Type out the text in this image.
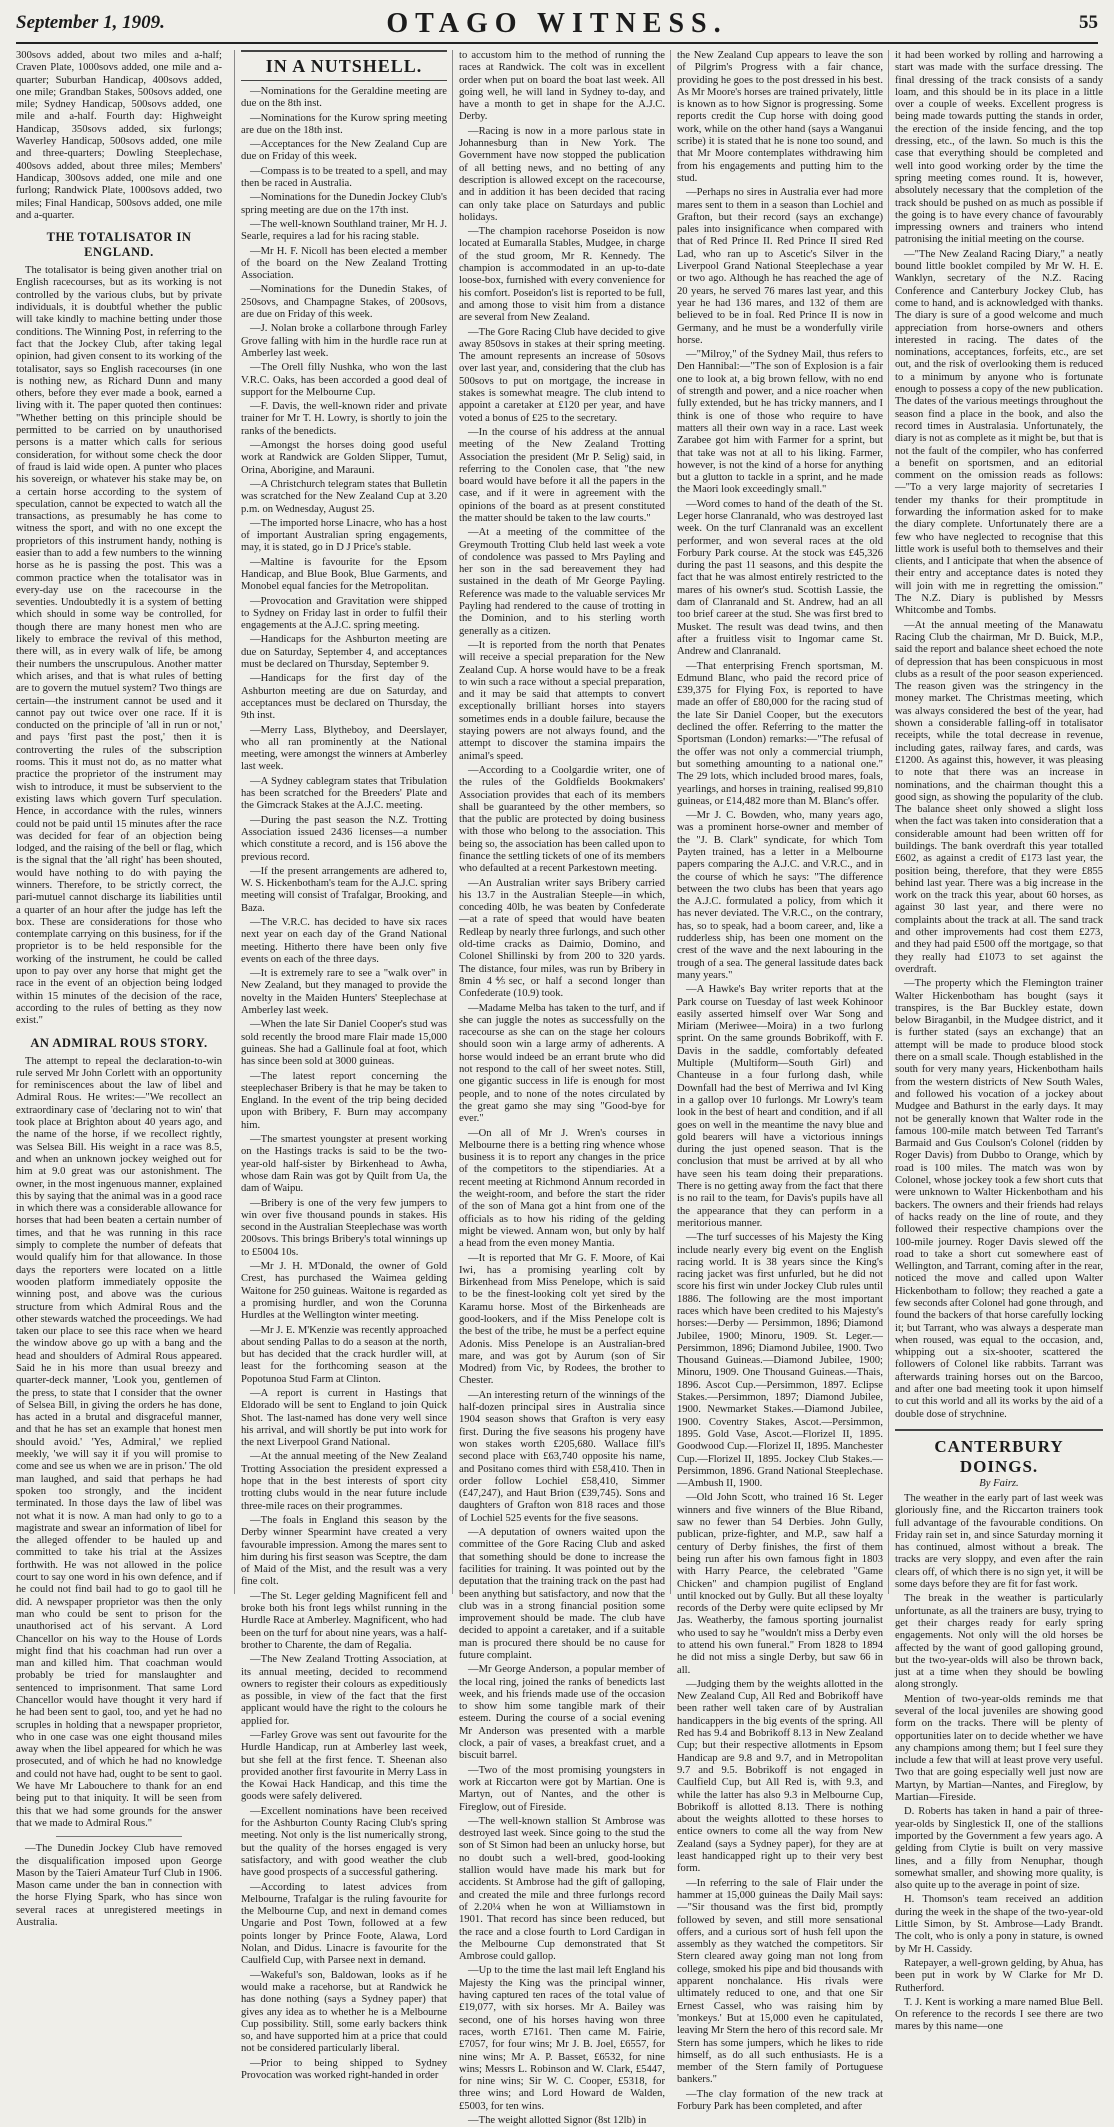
September 1, 1909.	OTAGO WITNESS.	55

300sovs added, about two miles and a-half; Craven Plate, 1000sovs added, one mile and a-quarter; Suburban Handicap, 400sovs added, one mile; Grandban Stakes, 500sovs added, one mile; Sydney Handicap, 500sovs added, one mile and a-half. Fourth day: Highweight Handicap, 350sovs added, six furlongs; Waverley Handicap, 500sovs added, one mile and three-quarters; Dowling Steeplechase, 400sovs added, about three miles; Members' Handicap, 300sovs added, one mile and one furlong; Randwick Plate, 1000sovs added, two miles; Final Handicap, 500sovs added, one mile and a-quarter.

THE TOTALISATOR IN ENGLAND.

The totalisator is being given another trial on English racecourses, but as its working is not controlled by the various clubs, but by private individuals, it is doubtful whether the public will take kindly to machine betting under those conditions. The Winning Post, in referring to the fact that the Jockey Club, after taking legal opinion, had given consent to its working of the totalisator, says so English racecourses (in one is nothing new, as Richard Dunn and many others, before they ever made a book, earned a living with it. The paper quoted then continues: "Whether betting on this principle should be permitted to be carried on by unauthorised persons is a matter which calls for serious consideration, for without some check the door of fraud is laid wide open. A punter who places his sovereign, or whatever his stake may be, on a certain horse according to the system of speculation, cannot be expected to watch all the transactions, as presumably he has come to witness the sport, and with no one except the proprietors of this instrument handy, nothing is easier than to add a few numbers to the winning horse as he is passing the post. This was a common practice when the totalisator was in every-day use on the racecourse in the seventies. Undoubtedly it is a system of betting which should in some way be controlled, for though there are many honest men who are likely to embrace the revival of this method, there will, as in every walk of life, be among their numbers the unscrupulous. Another matter which arises, and that is what rules of betting are to govern the mutuel system? Two things are certain—the instrument cannot be used and it cannot pay out twice over one race. If it is conducted on the principle of 'all in run or not,' and pays 'first past the post,' then it is controverting the rules of the subscription rooms. This it must not do, as no matter what practice the proprietor of the instrument may wish to introduce, it must be subservient to the existing laws which govern Turf speculation. Hence, in accordance with the rules, winners could not be paid until 15 minutes after the race was decided for fear of an objection being lodged, and the raising of the bell or flag, which is the signal that the 'all right' has been shouted, would have nothing to do with paying the winners. Therefore, to be strictly correct, the pari-mutuel cannot discharge its liabilities until a quarter of an hour after the judge has left the box. These are considerations for those who contemplate carrying on this business, for if the proprietor is to be held responsible for the working of the instrument, he could be called upon to pay over any horse that might get the race in the event of an objection being lodged within 15 minutes of the decision of the race, according to the rules of betting as they now exist."

AN ADMIRAL ROUS STORY.

The attempt to repeal the declaration-to-win rule served Mr John Corlett with an opportunity for reminiscences about the law of libel and Admiral Rous. He writes:—"We recollect an extraordinary case of 'declaring not to win' that took place at Brighton about 40 years ago, and the name of the horse, if we recollect rightly, was Selsea Bill. His weight in a race was 8.5, and when an unknown jockey weighed out for him at 9.0 great was our astonishment. The owner, in the most ingenuous manner, explained this by saying that the animal was in a good race in which there was a considerable allowance for horses that had been beaten a certain number of times, and that he was running in this race simply to complete the number of defeats that would qualify him for that allowance. In those days the reporters were located on a little wooden platform immediately opposite the winning post, and above was the curious structure from which Admiral Rous and the other stewards watched the proceedings. We had taken our place to see this race when we heard the window above go up with a bang and the head and shoulders of Admiral Rous appeared. Said he in his more than usual breezy and quarter-deck manner, 'Look you, gentlemen of the press, to state that I consider that the owner of Selsea Bill, in giving the orders he has done, has acted in a brutal and disgraceful manner, and that he has set an example that honest men should avoid.' 'Yes, Admiral,' we replied meekly, 'we will say it if you will promise to come and see us when we are in prison.' The old man laughed, and said that perhaps he had spoken too strongly, and the incident terminated. In those days the law of libel was not what it is now. A man had only to go to a magistrate and swear an information of libel for the alleged offender to be hauled up and committed to take his trial at the Assizes forthwith. He was not allowed in the police court to say one word in his own defence, and if he could not find bail had to go to gaol till he did. A newspaper proprietor was then the only man who could be sent to prison for the unauthorised act of his servant. A Lord Chancellor on his way to the House of Lords might find that his coachman had run over a man and killed him. That coachman would probably be tried for manslaughter and sentenced to imprisonment. That same Lord Chancellor would have thought it very hard if he had been sent to gaol, too, and yet he had no scruples in holding that a newspaper proprietor, who in one case was one eight thousand miles away when the libel appeared for which he was prosecuted, and of which he had no knowledge and could not have had, ought to be sent to gaol. We have Mr Labouchere to thank for an end being put to that iniquity. It will be seen from this that we had some grounds for the answer that we made to Admiral Rous."

—The Dunedin Jockey Club have removed the disqualification imposed upon George Mason by the Taieri Amateur Turf Club in 1906. Mason came under the ban in connection with the horse Flying Spark, who has since won several races at unregistered meetings in Australia.

IN A NUTSHELL.

—Nominations for the Geraldine meeting are due on the 8th inst.

—Nominations for the Kurow spring meeting are due on the 18th inst.

—Acceptances for the New Zealand Cup are due on Friday of this week.

—Compass is to be treated to a spell, and may then be raced in Australia.

—Nominations for the Dunedin Jockey Club's spring meeting are due on the 17th inst.

—The well-known Southland trainer, Mr H. J. Searle, requires a lad for his racing stable.

—Mr H. F. Nicoll has been elected a member of the board on the New Zealand Trotting Association.

—Nominations for the Dunedin Stakes, of 250sovs, and Champagne Stakes, of 200sovs, are due on Friday of this week.

—J. Nolan broke a collarbone through Farley Grove falling with him in the hurdle race run at Amberley last week.

—The Orell filly Nushka, who won the last V.R.C. Oaks, has been accorded a good deal of support for the Melbourne Cup.

—F. Davis, the well-known rider and private trainer for Mr T. H. Lowry, is shortly to join the ranks of the benedicts.

—Amongst the horses doing good useful work at Randwick are Golden Slipper, Tumut, Orina, Aborigine, and Marauni.

—A Christchurch telegram states that Bulletin was scratched for the New Zealand Cup at 3.20 p.m. on Wednesday, August 25.

—The imported horse Linacre, who has a host of important Australian spring engagements, may, it is stated, go in D J Price's stable.

—Maltine is favourite for the Epsom Handicap, and Blue Book, Blue Garments, and Monobel equal fancies for the Metropolitan.

—Provocation and Gravitation were shipped to Sydney on Friday last in order to fulfil their engagements at the A.J.C. spring meeting.

—Handicaps for the Ashburton meeting are due on Saturday, September 4, and acceptances must be declared on Thursday, September 9.

—Handicaps for the first day of the Ashburton meeting are due on Saturday, and acceptances must be declared on Thursday, the 9th inst.

—Merry Lass, Blytheboy, and Deerslayer, who all ran prominently at the National meeting, were amongst the winners at Amberley last week.

—A Sydney cablegram states that Tribulation has been scratched for the Breeders' Plate and the Gimcrack Stakes at the A.J.C. meeting.

—During the past season the N.Z. Trotting Association issued 2436 licenses—a number which constitute a record, and is 156 above the previous record.

—If the present arrangements are adhered to, W. S. Hickenbotham's team for the A.J.C. spring meeting will consist of Trafalgar, Brooking, and Baza.

—The V.R.C. has decided to have six races next year on each day of the Grand National meeting. Hitherto there have been only five events on each of the three days.

—It is extremely rare to see a "walk over" in New Zealand, but they managed to provide the novelty in the Maiden Hunters' Steeplechase at Amberley last week.

—When the late Sir Daniel Cooper's stud was sold recently the brood mare Flair made 15,000 guineas. She had a Gallinule foal at foot, which has since been sold at 3000 guineas.

—The latest report concerning the steeplechaser Bribery is that he may be taken to England. In the event of the trip being decided upon with Bribery, F. Burn may accompany him.

—The smartest youngster at present working on the Hastings tracks is said to be the two-year-old half-sister by Birkenhead to Awha, whose dam Rain was got by Quilt from Ua, the dam of Waipu.

—Bribery is one of the very few jumpers to win over five thousand pounds in stakes. His second in the Australian Steeplechase was worth 200sovs. This brings Bribery's total winnings up to £5004 10s.

—Mr J. H. M'Donald, the owner of Gold Crest, has purchased the Waimea gelding Waitone for 250 guineas. Waitone is regarded as a promising hurdler, and won the Corunna Hurdles at the Wellington winter meeting.

—Mr J. E. M'Kenzie was recently approached about sending Pallas to do a season at the north, but has decided that the crack hurdler will, at least for the forthcoming season at the Popotunoa Stud Farm at Clinton.

—A report is current in Hastings that Eldorado will be sent to England to join Quick Shot. The last-named has done very well since his arrival, and will shortly be put into work for the next Liverpool Grand National.

—At the annual meeting of the New Zealand Trotting Association the president expressed a hope that in the best interests of sport city trotting clubs would in the near future include three-mile races on their programmes.

—The foals in England this season by the Derby winner Spearmint have created a very favourable impression. Among the mares sent to him during his first season was Sceptre, the dam of Maid of the Mist, and the result was a very fine colt.

—The St. Leger gelding Magnificent fell and broke both his front legs whilst running in the Hurdle Race at Amberley. Magnificent, who had been on the turf for about nine years, was a half-brother to Charente, the dam of Regalia.

—The New Zealand Trotting Association, at its annual meeting, decided to recommend owners to register their colours as expeditiously as possible, in view of the fact that the first applicant would have the right to the colours he applied for.

—Farley Grove was sent out favourite for the Hurdle Handicap, run at Amberley last week, but she fell at the first fence. T. Sheenan also provided another first favourite in Merry Lass in the Kowai Hack Handicap, and this time the goods were safely delivered.

—Excellent nominations have been received for the Ashburton County Racing Club's spring meeting. Not only is the list numerically strong, but the quality of the horses engaged is very satisfactory, and with good weather the club have good prospects of a successful gathering.

—According to latest advices from Melbourne, Trafalgar is the ruling favourite for the Melbourne Cup, and next in demand comes Ungarie and Post Town, followed at a few points longer by Prince Foote, Alawa, Lord Nolan, and Didus. Linacre is favourite for the Caulfield Cup, with Parsee next in demand.

—Wakeful's son, Baldowan, looks as if he would make a racehorse, but at Randwick he has done nothing (says a Sydney paper) that gives any idea as to whether he is a Melbourne Cup possibility. Still, some early backers think so, and have supported him at a price that could not be considered particularly liberal.

—Prior to being shipped to Sydney Provocation was worked right-handed in order

to accustom him to the method of running the races at Randwick. The colt was in excellent order when put on board the boat last week. All going well, he will land in Sydney to-day, and have a month to get in shape for the A.J.C. Derby.

—Racing is now in a more parlous state in Johannesburg than in New York. The Government have now stopped the publication of all betting news, and no betting of any description is allowed except on the racecourse, and in addition it has been decided that racing can only take place on Saturdays and public holidays.

—The champion racehorse Poseidon is now located at Eumaralla Stables, Mudgee, in charge of the stud groom, Mr R. Kennedy. The champion is accommodated in an up-to-date loose-box, furnished with every convenience for his comfort. Poseidon's list is reported to be full, and among those to visit him from a distance are several from New Zealand.

—The Gore Racing Club have decided to give away 850sovs in stakes at their spring meeting. The amount represents an increase of 50sovs over last year, and, considering that the club has 500sovs to put on mortgage, the increase in stakes is somewhat meagre. The club intend to appoint a caretaker at £120 per year, and have voted a bonus of £25 to the secretary.

—In the course of his address at the annual meeting of the New Zealand Trotting Association the president (Mr P. Selig) said, in referring to the Conolen case, that "the new board would have before it all the papers in the case, and if it were in agreement with the opinions of the board as at present constituted the matter should be taken to the law courts."

—At a meeting of the committee of the Greymouth Trotting Club held last week a vote of condolence was passed to Mrs Payling and her son in the sad bereavement they had sustained in the death of Mr George Payling. Reference was made to the valuable services Mr Payling had rendered to the cause of trotting in the Dominion, and to his sterling worth generally as a citizen.

—It is reported from the north that Penates will receive a special preparation for the New Zealand Cup. A horse would have to be a freak to win such a race without a special preparation, and it may be said that attempts to convert exceptionally brilliant horses into stayers sometimes ends in a double failure, because the staying powers are not always found, and the attempt to discover the stamina impairs the animal's speed.

—According to a Coolgardie writer, one of the rules of the Goldfields Bookmakers' Association provides that each of its members shall be guaranteed by the other members, so that the public are protected by doing business with those who belong to the association. This being so, the association has been called upon to finance the settling tickets of one of its members who defaulted at a recent Parkestown meeting.

—An Australian writer says Bribery carried his 13.7 in the Australian Steeple—in which, conceding 40lb, he was beaten by Confederate—at a rate of speed that would have beaten Redleap by nearly three furlongs, and such other old-time cracks as Daimio, Domino, and Colonel Shillinski by from 200 to 320 yards. The distance, four miles, was run by Bribery in 8min 4⅘sec, or half a second longer than Confederate (10.9) took.

—Madame Melba has taken to the turf, and if she can juggle the notes as successfully on the racecourse as she can on the stage her colours should soon win a large army of adherents. A horse would indeed be an errant brute who did not respond to the call of her sweet notes. Still, one gigantic success in life is enough for most people, and to none of the notes circulated by the great gamo she may sing "Good-bye for ever."

—On all of Mr J. Wren's courses in Melbourne there is a betting ring whence whose business it is to report any changes in the price of the competitors to the stipendiaries. At a recent meeting at Richmond Annum recorded in the weight-room, and before the start the rider of the son of Mana got a hint from one of the officials as to how his riding of the gelding might be viewed. Annam won, but only by half a head from the even money Mantia.

—It is reported that Mr G. F. Moore, of Kai Iwi, has a promising yearling colt by Birkenhead from Miss Penelope, which is said to be the finest-looking colt yet sired by the Karamu horse. Most of the Birkenheads are good-lookers, and if the Miss Penelope colt is the best of the tribe, he must be a perfect equine Adonis. Miss Penelope is an Australian-bred mare, and was got by Aurum (son of Sir Modred) from Vic, by Rodees, the brother to Chester.

—An interesting return of the winnings of the half-dozen principal sires in Australia since 1904 season shows that Grafton is very easy first. During the five seasons his progeny have won stakes worth £205,680. Wallace fill's second place with £63,740 opposite his name, and Positano comes third with £58,410. Then in order follow Lochiel £58,410, Simmer (£47,247), and Haut Brion (£39,745). Sons and daughters of Grafton won 818 races and those of Lochiel 525 events for the five seasons.

—A deputation of owners waited upon the committee of the Gore Racing Club and asked that something should be done to increase the facilities for training. It was pointed out by the deputation that the training track on the past had been anything but satisfactory, and now that the club was in a strong financial position some improvement should be made. The club have decided to appoint a caretaker, and if a suitable man is procured there should be no cause for future complaint.

—Mr George Anderson, a popular member of the local ring, joined the ranks of benedicts last week, and his friends made use of the occasion to show him some tangible mark of their esteem. During the course of a social evening Mr Anderson was presented with a marble clock, a pair of vases, a breakfast cruet, and a biscuit barrel.

—Two of the most promising youngsters in work at Riccarton were got by Martian. One is Martyn, out of Nantes, and the other is Fireglow, out of Fireside.

—The well-known stallion St Ambrose was destroyed last week. Since going to the stud the son of St Simon had been an unlucky horse, but no doubt such a well-bred, good-looking stallion would have made his mark but for accidents. St Ambrose had the gift of galloping, and created the mile and three furlongs record of 2.20¼ when he won at Williamstown in 1901. That record has since been reduced, but the race and a close fourth to Lord Cardigan in the Melbourne Cup demonstrated that St Ambrose could gallop.

—Up to the time the last mail left England his Majesty the King was the principal winner, having captured ten races of the total value of £19,077, with six horses. Mr A. Bailey was second, one of his horses having won three races, worth £7161. Then came M. Fairie, £7057, for four wins; Mr J. B. Joel, £6557, for nine wins; Mr A. P. Basset, £6532, for nine wins; Messrs L. Robinson and W. Clark, £5447, for nine wins; Sir W. C. Cooper, £5318, for three wins; and Lord Howard de Walden, £5003, for ten wins.

—The weight allotted Signor (8st 12lb) in

the New Zealand Cup appears to leave the son of Pilgrim's Progress with a fair chance, providing he goes to the post dressed in his best. As Mr Moore's horses are trained privately, little is known as to how Signor is progressing. Some reports credit the Cup horse with doing good work, while on the other hand (says a Wanganui scribe) it is stated that he is none too sound, and that Mr Moore contemplates withdrawing him from his engagements and putting him to the stud.

—Perhaps no sires in Australia ever had more mares sent to them in a season than Lochiel and Grafton, but their record (says an exchange) pales into insignificance when compared with that of Red Prince II. Red Prince II sired Red Lad, who ran up to Ascetic's Silver in the Liverpool Grand National Steeplechase a year or two ago. Although he has reached the age of 20 years, he served 76 mares last year, and this year he had 136 mares, and 132 of them are believed to be in foal. Red Prince II is now in Germany, and he must be a wonderfully virile horse.

—"Milroy," of the Sydney Mail, thus refers to Den Hannibal:—"The son of Explosion is a fair one to look at, a big brown fellow, with no end of strength and power, and a nice roacher when fully extended, but he has tricky manners, and I think is one of those who require to have matters all their own way in a race. Last week Zarabee got him with Farmer for a sprint, but that take was not at all to his liking. Farmer, however, is not the kind of a horse for anything but a glutton to tackle in a sprint, and he made the Maori look exceedingly small."

—Word comes to hand of the death of the St. Leger horse Clanranald, who was destroyed last week. On the turf Clanranald was an excellent performer, and won several races at the old Forbury Park course. At the stock was £45,326 during the past 11 seasons, and this despite the fact that he was almost entirely restricted to the mares of his owner's stud. Scottish Lassie, the dam of Clanranald and St. Andrew, had an all too brief career at the stud. She was first bred to Musket. The result was dead twins, and then after a fruitless visit to Ingomar came St. Andrew and Clanranald.

—That enterprising French sportsman, M. Edmund Blanc, who paid the record price of £39,375 for Flying Fox, is reported to have made an offer of £80,000 for the racing stud of the late Sir Daniel Cooper, but the executors declined the offer. Referring to the matter the Sportsman (London) remarks:—"The refusal of the offer was not only a commercial triumph, but something amounting to a national one." The 29 lots, which included brood mares, foals, yearlings, and horses in training, realised 99,810 guineas, or £14,482 more than M. Blanc's offer.

—Mr J. C. Bowden, who, many years ago, was a prominent horse-owner and member of the "J. B. Clark" syndicate, for which Tom Payten trained, has a letter in a Melbourne papers comparing the A.J.C. and V.R.C., and in the course of which he says: "The difference between the two clubs has been that years ago the A.J.C. formulated a policy, from which it has never deviated. The V.R.C., on the contrary, has, so to speak, had a boom career, and, like a rudderless ship, has been one moment on the crest of the wave and the next labouring in the trough of a sea. The general lassitude dates back many years."

—A Hawke's Bay writer reports that at the Park course on Tuesday of last week Kohinoor easily asserted himself over War Song and Miriam (Meriwee—Moira) in a two furlong sprint. On the same grounds Bobrikoff, with F. Davis in the saddle, comfortably defeated Multiple (Multiform—South Girl) and Chanteuse in a four furlong dash, while Downfall had the best of Merriwa and Ivl King in a gallop over 10 furlongs. Mr Lowry's team look in the best of heart and condition, and if all goes on well in the meantime the navy blue and gold bearers will have a victorious innings during the just opened season. That is the conclusion that must be arrived at by all who have seen his team doing their preparations. There is no getting away from the fact that there is no rail to the team, for Davis's pupils have all the appearance that they can perform in a meritorious manner.

—The turf successes of his Majesty the King include nearly every big event on the English racing world. It is 38 years since the King's racing jacket was first unfurled, but he did not score his first win under Jockey Club rules until 1886. The following are the most important races which have been credited to his Majesty's horses:—Derby — Persimmon, 1896; Diamond Jubilee, 1900; Minoru, 1909. St. Leger.—Persimmon, 1896; Diamond Jubilee, 1900. Two Thousand Guineas.—Diamond Jubilee, 1900; Minoru, 1909. One Thousand Guineas.—Thais, 1896. Ascot Cup.—Persimmon, 1897. Eclipse Stakes.—Persimmon, 1897; Diamond Jubilee, 1900. Newmarket Stakes.—Diamond Jubilee, 1900. Coventry Stakes, Ascot.—Persimmon, 1895. Gold Vase, Ascot.—Florizel II, 1895. Goodwood Cup.—Florizel II, 1895. Manchester Cup.—Florizel II, 1895. Jockey Club Stakes.—Persimmon, 1896. Grand National Steeplechase.—Ambush II, 1900.

—Old John Scott, who trained 16 St. Leger winners and five winners of the Blue Riband, saw no fewer than 54 Derbies. John Gully, publican, prize-fighter, and M.P., saw half a century of Derby finishes, the first of them being run after his own famous fight in 1803 with Harry Pearce, the celebrated "Game Chicken" and champion pugilist of England until knocked out by Gully. But all these loyalty records of the Derby were quite eclipsed by Mr Jas. Weatherby, the famous sporting journalist who used to say he "wouldn't miss a Derby even to attend his own funeral." From 1828 to 1894 he did not miss a single Derby, but saw 66 in all.

—Judging them by the weights allotted in the New Zealand Cup, All Red and Bobrikoff have been rather well taken care of by Australian handicappers in the big events of the spring. All Red has 9.4 and Bobrikoff 8.13 in New Zealand Cup; but their respective allotments in Epsom Handicap are 9.8 and 9.7, and in Metropolitan 9.7 and 9.5. Bobrikoff is not engaged in Caulfield Cup, but All Red is, with 9.3, and while the latter has also 9.3 in Melbourne Cup, Bobrikoff is allotted 8.13. There is nothing about the weights allotted to these horses to entice owners to come all the way from New Zealand (says a Sydney paper), for they are at least handicapped right up to their very best form.

—In referring to the sale of Flair under the hammer at 15,000 guineas the Daily Mail says:—"Sir thousand was the first bid, promptly followed by seven, and still more sensational offers, and a curious sort of hush fell upon the assembly as they watched the competitors. Sir Stern cleared away going man not long from college, smoked his pipe and bid thousands with apparent nonchalance. His rivals were ultimately reduced to one, and that one Sir Ernest Cassel, who was raising him by 'monkeys.' But at 15,000 even he capitulated, leaving Mr Stern the hero of this record sale. Mr Stern has some jumpers, which he likes to ride himself, as do all such enthusiasts. He is a member of the Stern family of Portuguese bankers."

—The clay formation of the new track at Forbury Park has been completed, and after

it had been worked by rolling and harrowing a start was made with the surface dressing. The final dressing of the track consists of a sandy loam, and this should be in its place in a little over a couple of weeks. Excellent progress is being made towards putting the stands in order, the erection of the inside fencing, and the top dressing, etc., of the lawn. So much is this the case that everything should be completed and well into good working order by the time the spring meeting comes round. It is, however, absolutely necessary that the completion of the track should be pushed on as much as possible if the going is to have every chance of favourably impressing owners and trainers who intend patronising the initial meeting on the course.

—"The New Zealand Racing Diary," a neatly bound little booklet compiled by Mr W. H. E. Wanklyn, secretary of the N.Z. Racing Conference and Canterbury Jockey Club, has come to hand, and is acknowledged with thanks. The diary is sure of a good welcome and much appreciation from horse-owners and others interested in racing. The dates of the nominations, acceptances, forfeits, etc., are set out, and the risk of overlooking them is reduced to a minimum by anyone who is fortunate enough to possess a copy of the new publication. The dates of the various meetings throughout the season find a place in the book, and also the record times in Australasia. Unfortunately, the diary is not as complete as it might be, but that is not the fault of the compiler, who has conferred a benefit on sportsmen, and an editorial comment on the omission reads as follows:—"To a very large majority of secretaries I tender my thanks for their promptitude in forwarding the information asked for to make the diary complete. Unfortunately there are a few who have neglected to recognise that this little work is useful both to themselves and their clients, and I anticipate that when the absence of their entry and acceptance dates is noted they will join with me in regretting the omission." The N.Z. Diary is published by Messrs Whitcombe and Tombs.

—At the annual meeting of the Manawatu Racing Club the chairman, Mr D. Buick, M.P., said the report and balance sheet echoed the note of depression that has been conspicuous in most clubs as a result of the poor season experienced. The reason given was the stringency in the money market. The Christmas meeting, which was always considered the best of the year, had shown a considerable falling-off in totalisator receipts, while the total decrease in revenue, including gates, railway fares, and cards, was £1200. As against this, however, it was pleasing to note that there was an increase in nominations, and the chairman thought this a good sign, as showing the popularity of the club. The balance sheet only showed a slight loss when the fact was taken into consideration that a considerable amount had been written off for buildings. The bank overdraft this year totalled £602, as against a credit of £173 last year, the position being, therefore, that they were £855 behind last year. There was a big increase in the work on the track this year, about 60 horses, as against 30 last year, and there were no complaints about the track at all. The sand track and other improvements had cost them £273, and they had paid £500 off the mortgage, so that they really had £1073 to set against the overdraft.

—The property which the Flemington trainer Walter Hickenbotham has bought (says it transpires, is the Bar Buckley estate, down below Biraganbil, in the Mudgee district, and it is further stated (says an exchange) that an attempt will be made to produce blood stock there on a small scale. Though established in the south for very many years, Hickenbotham hails from the western districts of New South Wales, and followed his vocation of a jockey about Mudgee and Bathurst in the early days. It may not be generally known that Walter rode in the famous 100-mile match between Ted Tarrant's Barmaid and Gus Coulson's Colonel (ridden by Roger Davis) from Dubbo to Orange, which by road is 100 miles. The match was won by Colonel, whose jockey took a few short cuts that were unknown to Walter Hickenbotham and his backers. The owners and their friends had relays of hacks ready on the line of route, and they followed their respective champions over the 100-mile journey. Roger Davis slewed off the road to take a short cut somewhere east of Wellington, and Tarrant, coming after in the rear, noticed the move and called upon Walter Hickenbotham to follow; they reached a gate a few seconds after Colonel had gone through, and found the backers of that horse carefully locking it; but Tarrant, who was always a desperate man when roused, was equal to the occasion, and, whipping out a six-shooter, scattered the followers of Colonel like rabbits. Tarrant was afterwards training horses out on the Barcoo, and after one bad meeting took it upon himself to cut this world and all its works by the aid of a double dose of strychnine.

CANTERBURY DOINGS.
By Fairz.

The weather in the early part of last week was gloriously fine, and the Riccarton trainers took full advantage of the favourable conditions. On Friday rain set in, and since Saturday morning it has continued, almost without a break. The tracks are very sloppy, and even after the rain clears off, of which there is no sign yet, it will be some days before they are fit for fast work.

The break in the weather is particularly unfortunate, as all the trainers are busy, trying to get their charges ready for early spring engagements. Not only will the old horses be affected by the want of good galloping ground, but the two-year-olds will also be thrown back, just at a time when they should be bowling along strongly.

Mention of two-year-olds reminds me that several of the local juveniles are showing good form on the tracks. There will be plenty of opportunities later on to decide whether we have any champions among them; but I feel sure they include a few that will at least prove very useful. Two that are going especially well just now are Martyn, by Martian—Nantes, and Fireglow, by Martian—Fireside.

D. Roberts has taken in hand a pair of three-year-olds by Singlestick II, one of the stallions imported by the Government a few years ago. A gelding from Clytie is built on very massive lines, and a filly from Nenuphar, though somewhat smaller, and showing more quality, is also quite up to the average in point of size.

H. Thomson's team received an addition during the week in the shape of the two-year-old Little Simon, by St. Ambrose—Lady Brandt. The colt, who is only a pony in stature, is owned by Mr H. Cassidy.

Ratepayer, a well-grown gelding, by Ahua, has been put in work by W Clarke for Mr D. Rutherford.

T. J. Kent is working a mare named Blue Bell. On reference to the records I see there are two mares by this name—one
